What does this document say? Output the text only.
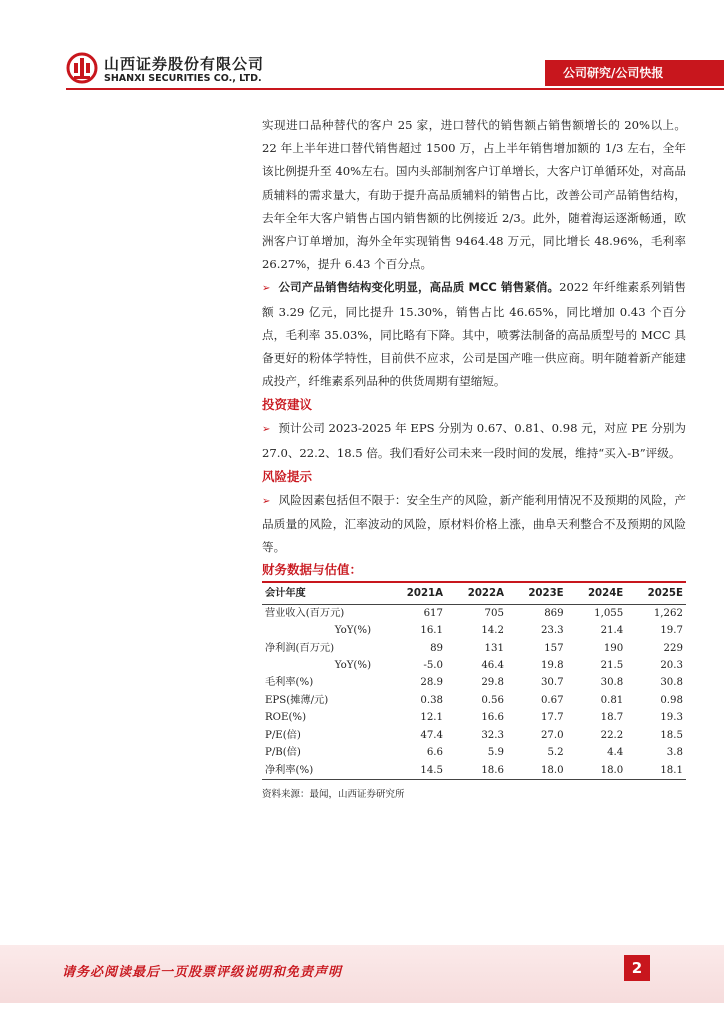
山西证券股份有限公司
SHANXI SECURITIES CO., LTD.	公司研究/公司快报

实现进口品种替代的客户 25 家，进口替代的销售额占销售额增长的 20%以上。22 年上半年进口替代销售超过 1500 万，占上半年销售增加额的 1/3 左右，全年该比例提升至 40%左右。国内头部制剂客户订单增长，大客户订单循环处，对高品质辅料的需求量大，有助于提升高品质辅料的销售占比，改善公司产品销售结构，去年全年大客户销售占国内销售额的比例接近 2/3。此外，随着海运逐渐畅通，欧洲客户订单增加，海外全年实现销售 9464.48 万元，同比增长 48.96%，毛利率 26.27%，提升 6.43 个百分点。

➢ 公司产品销售结构变化明显，高品质 MCC 销售紧俏。2022 年纤维素系列销售额 3.29 亿元，同比提升 15.30%，销售占比 46.65%，同比增加 0.43 个百分点，毛利率 35.03%，同比略有下降。其中，喷雾法制备的高品质型号的 MCC 具备更好的粉体学特性，目前供不应求，公司是国产唯一供应商。明年随着新产能建成投产，纤维素系列品种的供货周期有望缩短。

投资建议

➢ 预计公司 2023-2025 年 EPS 分别为 0.67、0.81、0.98 元，对应 PE 分别为 27.0、22.2、18.5 倍。我们看好公司未来一段时间的发展，维持“买入-B”评级。

风险提示

➢ 风险因素包括但不限于：安全生产的风险，新产能利用情况不及预期的风险，产品质量的风险，汇率波动的风险，原材料价格上涨，曲阜天利整合不及预期的风险等。

财务数据与估值：

会计年度	2021A	2022A	2023E	2024E	2025E
营业收入(百万元)	617	705	869	1,055	1,262
YoY(%)	16.1	14.2	23.3	21.4	19.7
净利润(百万元)	89	131	157	190	229
YoY(%)	-5.0	46.4	19.8	21.5	20.3
毛利率(%)	28.9	29.8	30.7	30.8	30.8
EPS(摊薄/元)	0.38	0.56	0.67	0.81	0.98
ROE(%)	12.1	16.6	17.7	18.7	19.3
P/E(倍)	47.4	32.3	27.0	22.2	18.5
P/B(倍)	6.6	5.9	5.2	4.4	3.8
净利率(%)	14.5	18.6	18.0	18.0	18.1
资料来源：最闻，山西证券研究所
请务必阅读最后一页股票评级说明和免责声明	2
